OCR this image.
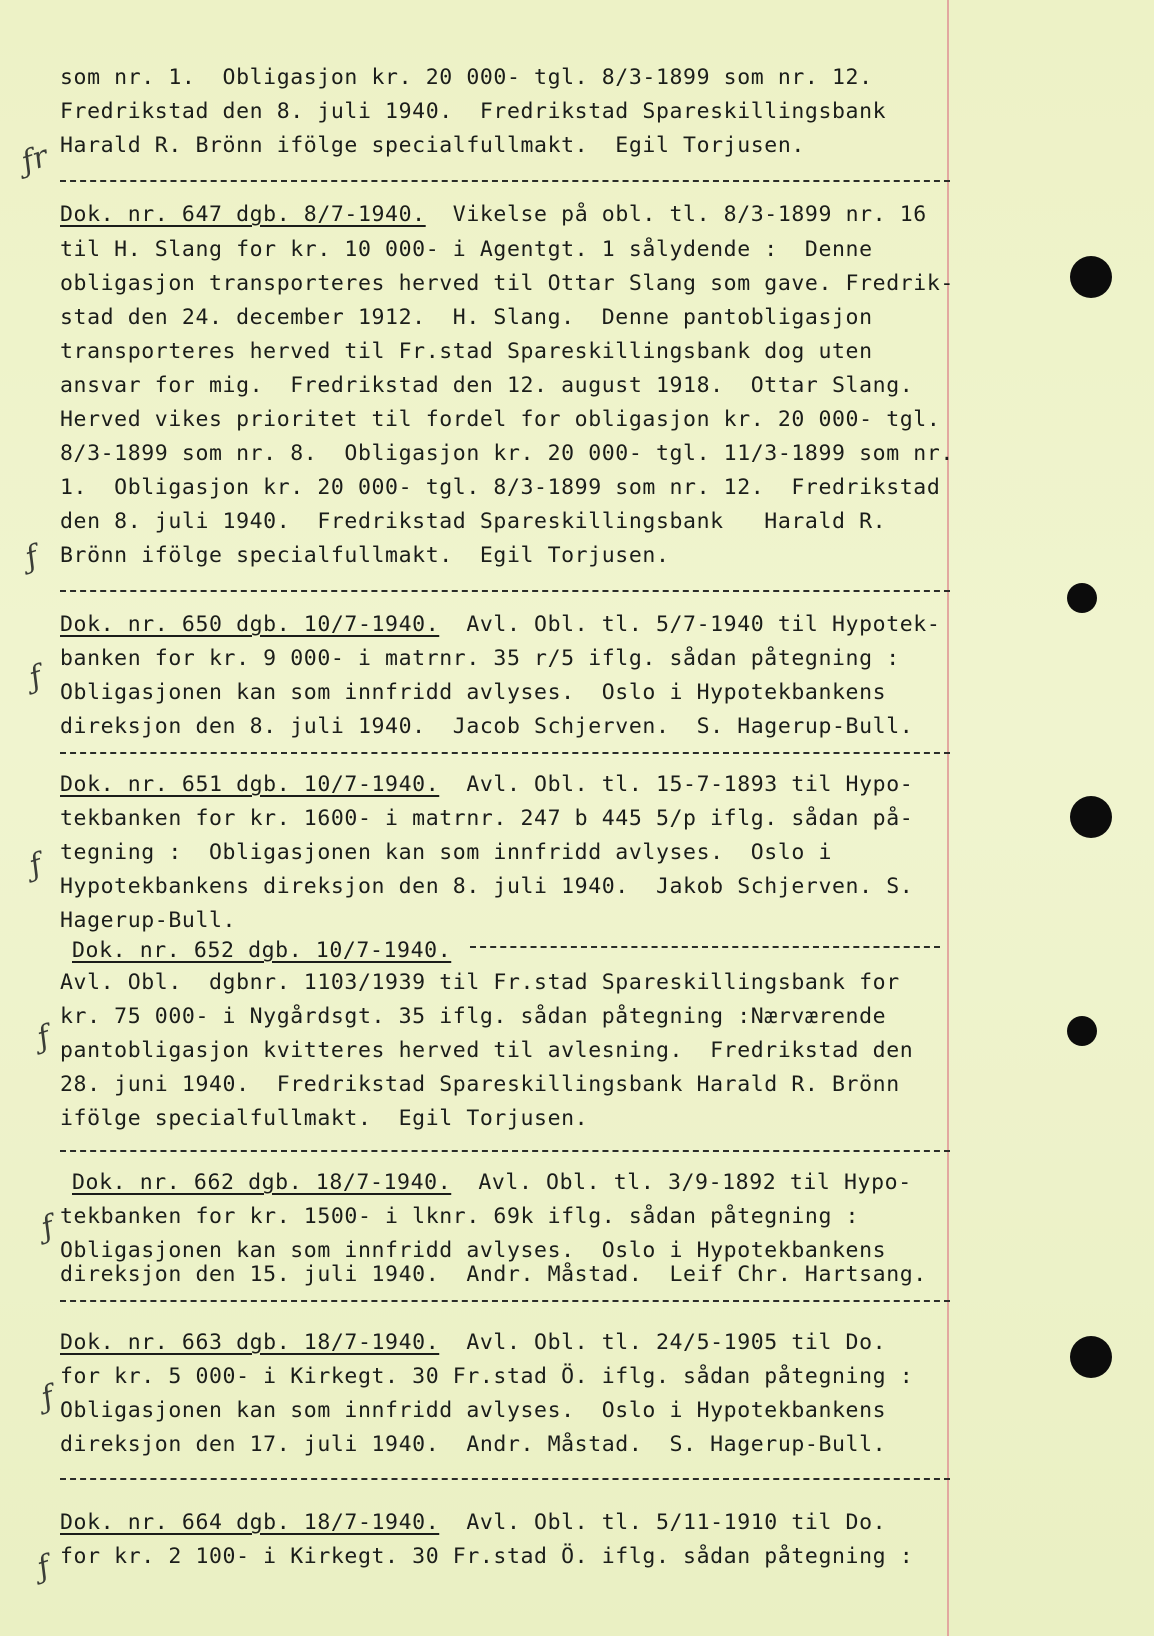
ƒr
ƒ
ƒ
ƒ
ƒ
ƒ
ƒ
ƒ
som nr. 1.  Obligasjon kr. 20 000- tgl. 8/3-1899 som nr. 12.
Fredrikstad den 8. juli 1940.  Fredrikstad Spareskillingsbank
Harald R. Brönn ifölge specialfullmakt.  Egil Torjusen.
Dok. nr. 647 dgb. 8/7-1940.  Vikelse på obl. tl. 8/3-1899 nr. 16
til H. Slang for kr. 10 000- i Agentgt. 1 sålydende :  Denne
obligasjon transporteres herved til Ottar Slang som gave. Fredrik-
stad den 24. december 1912.  H. Slang.  Denne pantobligasjon
transporteres herved til Fr.stad Spareskillingsbank dog uten
ansvar for mig.  Fredrikstad den 12. august 1918.  Ottar Slang.
Herved vikes prioritet til fordel for obligasjon kr. 20 000- tgl.
8/3-1899 som nr. 8.  Obligasjon kr. 20 000- tgl. 11/3-1899 som nr.
1.  Obligasjon kr. 20 000- tgl. 8/3-1899 som nr. 12.  Fredrikstad
den 8. juli 1940.  Fredrikstad Spareskillingsbank   Harald R.
Brönn ifölge specialfullmakt.  Egil Torjusen.
Dok. nr. 650 dgb. 10/7-1940.  Avl. Obl. tl. 5/7-1940 til Hypotek-
banken for kr. 9 000- i matrnr. 35 r/5 iflg. sådan påtegning :
Obligasjonen kan som innfridd avlyses.  Oslo i Hypotekbankens
direksjon den 8. juli 1940.  Jacob Schjerven.  S. Hagerup-Bull.
Dok. nr. 651 dgb. 10/7-1940.  Avl. Obl. tl. 15-7-1893 til Hypo-
tekbanken for kr. 1600- i matrnr. 247 b 445 5/p iflg. sådan på-
tegning :  Obligasjonen kan som innfridd avlyses.  Oslo i
Hypotekbankens direksjon den 8. juli 1940.  Jakob Schjerven. S.
Hagerup-Bull.
Dok. nr. 652 dgb. 10/7-1940.
Avl. Obl.  dgbnr. 1103/1939 til Fr.stad Spareskillingsbank for
kr. 75 000- i Nygårdsgt. 35 iflg. sådan påtegning :Nærværende
pantobligasjon kvitteres herved til avlesning.  Fredrikstad den
28. juni 1940.  Fredrikstad Spareskillingsbank Harald R. Brönn
ifölge specialfullmakt.  Egil Torjusen.
Dok. nr. 662 dgb. 18/7-1940.  Avl. Obl. tl. 3/9-1892 til Hypo-
tekbanken for kr. 1500- i lknr. 69k iflg. sådan påtegning :
Obligasjonen kan som innfridd avlyses.  Oslo i Hypotekbankens
direksjon den 15. juli 1940.  Andr. Måstad.  Leif Chr. Hartsang.
Dok. nr. 663 dgb. 18/7-1940.  Avl. Obl. tl. 24/5-1905 til Do.
for kr. 5 000- i Kirkegt. 30 Fr.stad Ö. iflg. sådan påtegning :
Obligasjonen kan som innfridd avlyses.  Oslo i Hypotekbankens
direksjon den 17. juli 1940.  Andr. Måstad.  S. Hagerup-Bull.
Dok. nr. 664 dgb. 18/7-1940.  Avl. Obl. tl. 5/11-1910 til Do.
for kr. 2 100- i Kirkegt. 30 Fr.stad Ö. iflg. sådan påtegning :
